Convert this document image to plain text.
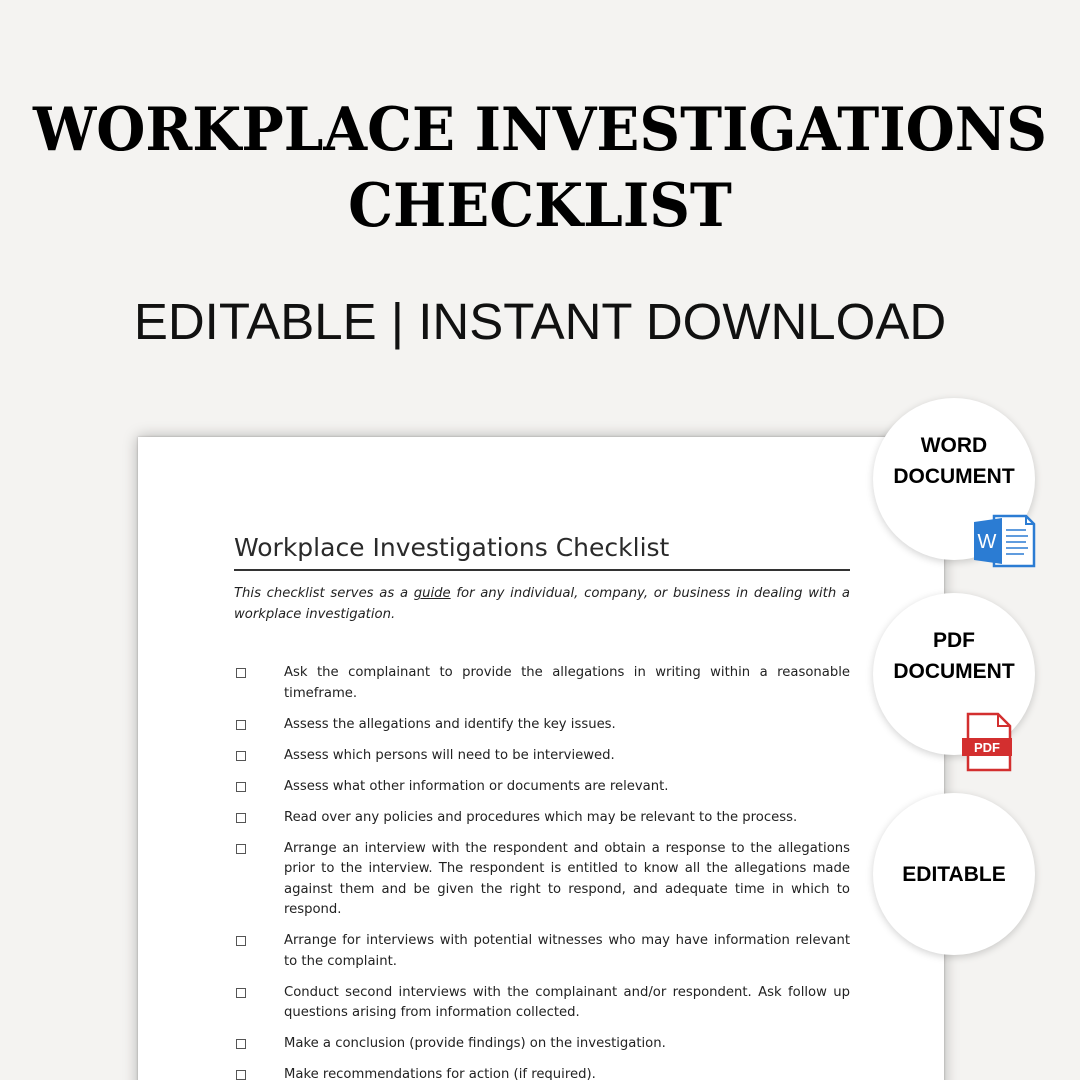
WORKPLACE INVESTIGATIONS
CHECKLIST
EDITABLE | INSTANT DOWNLOAD
Workplace Investigations Checklist
This checklist serves as a guide for any individual, company, or business in dealing with a workplace investigation.
Ask the complainant to provide the allegations in writing within a reasonable timeframe.
Assess the allegations and identify the key issues.
Assess which persons will need to be interviewed.
Assess what other information or documents are relevant.
Read over any policies and procedures which may be relevant to the process.
Arrange an interview with the respondent and obtain a response to the allegations prior to the interview. The respondent is entitled to know all the allegations made against them and be given the right to respond, and adequate time in which to respond.
Arrange for interviews with potential witnesses who may have information relevant to the complaint.
Conduct second interviews with the complainant and/or respondent. Ask follow up questions arising from information collected.
Make a conclusion (provide findings) on the investigation.
Make recommendations for action (if required).
WORD
DOCUMENT
W
PDF
DOCUMENT
PDF
EDITABLE
